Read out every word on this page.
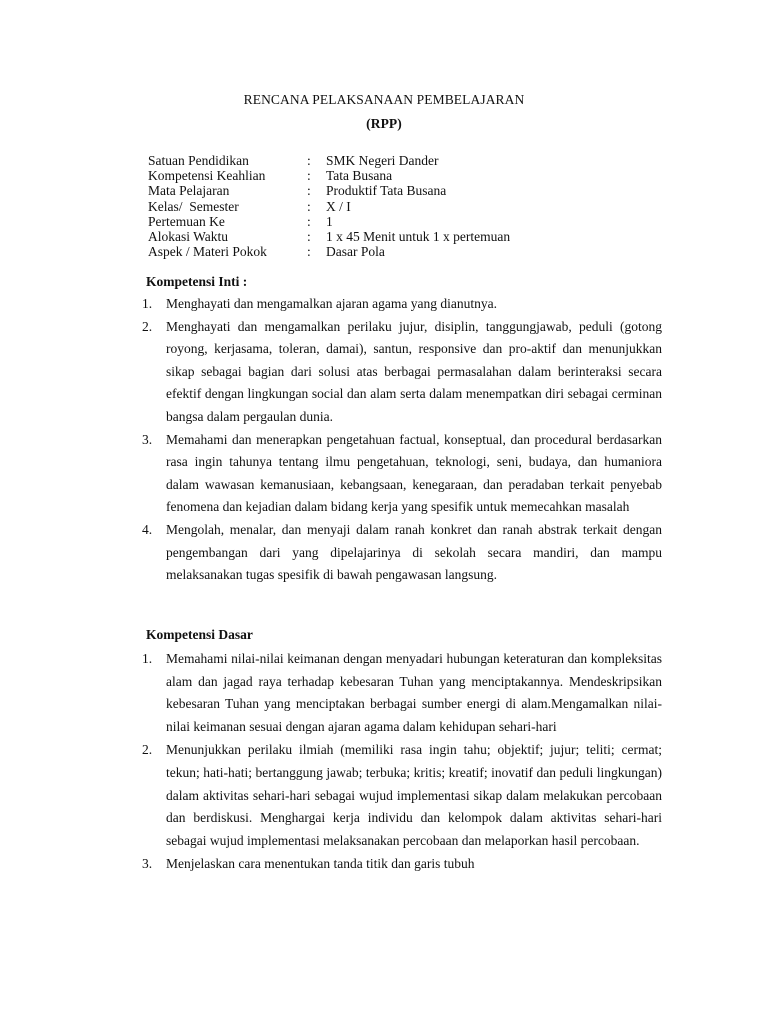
RENCANA PELAKSANAAN PEMBELAJARAN
(RPP)
Satuan Pendidikan	: SMK Negeri Dander
Kompetensi Keahlian	: Tata Busana
Mata Pelajaran	: Produktif Tata Busana
Kelas/  Semester	: X / I
Pertemuan Ke	: 1
Alokasi Waktu	: 1 x 45 Menit untuk 1 x pertemuan
Aspek / Materi Pokok	: Dasar Pola
Kompetensi Inti :
1. Menghayati dan mengamalkan ajaran agama yang dianutnya.
2. Menghayati dan mengamalkan perilaku jujur, disiplin, tanggungjawab, peduli (gotong royong, kerjasama, toleran, damai), santun, responsive dan pro-aktif dan menunjukkan sikap sebagai bagian dari solusi atas berbagai permasalahan dalam berinteraksi secara efektif dengan lingkungan social dan alam serta dalam menempatkan diri sebagai cerminan bangsa dalam pergaulan dunia.
3. Memahami dan menerapkan pengetahuan factual, konseptual, dan procedural berdasarkan rasa ingin tahunya tentang ilmu pengetahuan, teknologi, seni, budaya, dan humaniora dalam wawasan kemanusiaan, kebangsaan, kenegaraan, dan peradaban terkait penyebab fenomena dan kejadian dalam bidang kerja yang spesifik untuk memecahkan masalah
4. Mengolah, menalar, dan menyaji dalam ranah konkret dan ranah abstrak terkait dengan pengembangan dari yang dipelajarinya di sekolah secara mandiri, dan mampu melaksanakan tugas spesifik di bawah pengawasan langsung.
Kompetensi Dasar
1. Memahami nilai-nilai keimanan dengan menyadari hubungan keteraturan dan kompleksitas alam dan jagad raya terhadap kebesaran Tuhan yang menciptakannya. Mendeskripsikan kebesaran Tuhan yang menciptakan berbagai sumber energi di alam.Mengamalkan nilai-nilai keimanan sesuai dengan ajaran agama dalam kehidupan sehari-hari
2. Menunjukkan perilaku ilmiah (memiliki rasa ingin tahu; objektif; jujur; teliti; cermat; tekun; hati-hati; bertanggung jawab; terbuka; kritis; kreatif; inovatif dan peduli lingkungan) dalam aktivitas sehari-hari sebagai wujud implementasi sikap dalam melakukan percobaan dan berdiskusi. Menghargai kerja individu dan kelompok dalam aktivitas sehari-hari sebagai wujud implementasi melaksanakan percobaan dan melaporkan hasil percobaan.
3. Menjelaskan cara menentukan tanda titik dan garis tubuh
